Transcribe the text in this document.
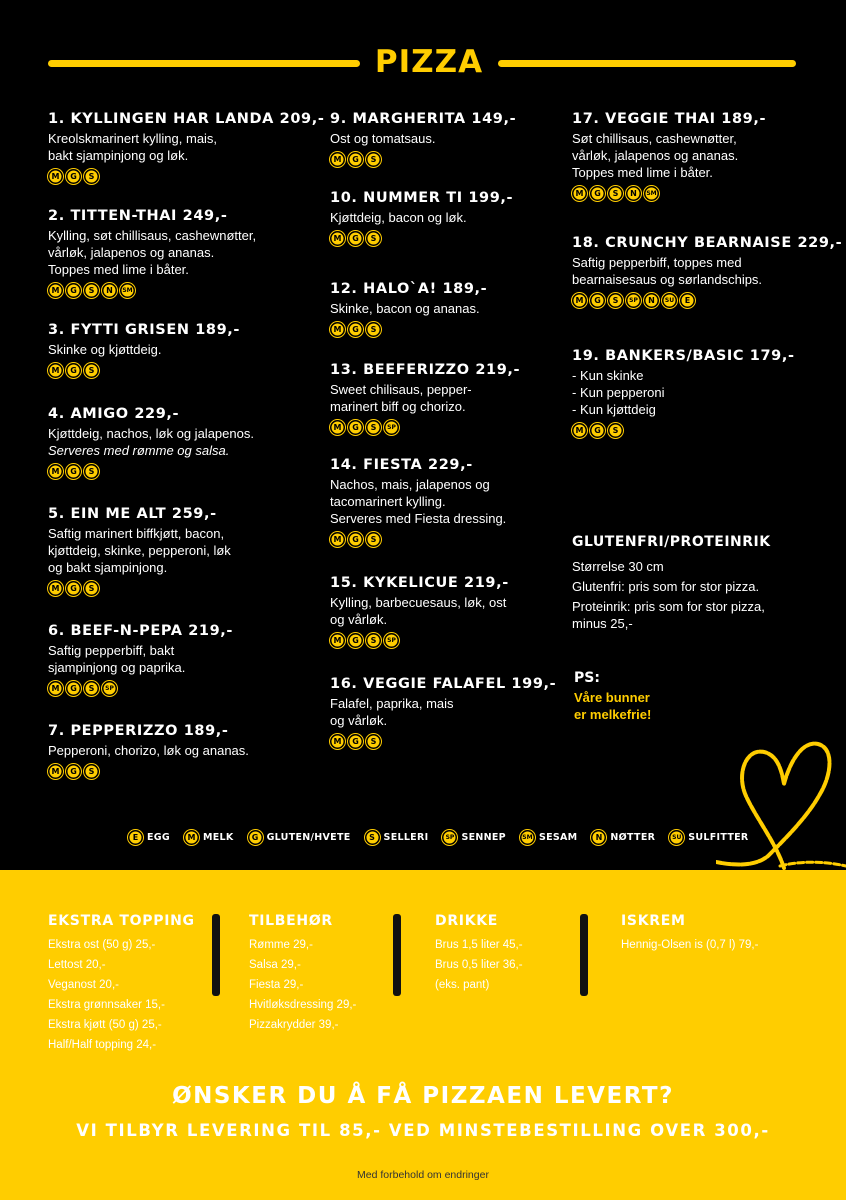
PIZZA
1. KYLLINGEN HAR LANDA 209,-
Kreolskmarinert kylling, mais,
bakt sjampinjong og løk.
M	G	S
2. TITTEN-THAI 249,-
Kylling, søt chillisaus, cashewnøtter,
vårløk, jalapenos og ananas.
Toppes med lime i båter.
M	G	S	N	SM
3. FYTTI GRISEN 189,-
Skinke og kjøttdeig.
M	G	S
4. AMIGO 229,-
Kjøttdeig, nachos, løk og jalapenos.
Serveres med rømme og salsa.
M	G	S
5. EIN ME ALT 259,-
Saftig marinert biffkjøtt, bacon,
kjøttdeig, skinke, pepperoni, løk
og bakt sjampinjong.
M	G	S
6. BEEF-N-PEPA 219,-
Saftig pepperbiff, bakt
sjampinjong og paprika.
M	G	S	SP
7. PEPPERIZZO 189,-
Pepperoni, chorizo, løk og ananas.
M	G	S
9. MARGHERITA 149,-
Ost og tomatsaus.
M	G	S
10. NUMMER TI 199,-
Kjøttdeig, bacon og løk.
M	G	S
12. HALO`A! 189,-
Skinke, bacon og ananas.
M	G	S
13. BEEFERIZZO 219,-
Sweet chilisaus, pepper-
marinert biff og chorizo.
M	G	S	SP
14. FIESTA 229,-
Nachos, mais, jalapenos og
tacomarinert kylling.
Serveres med Fiesta dressing.
M	G	S
15. KYKELICUE 219,-
Kylling, barbecuesaus, løk, ost
og vårløk.
M	G	S	SP
16. VEGGIE FALAFEL 199,-
Falafel, paprika, mais
og vårløk.
M	G	S
17. VEGGIE THAI 189,-
Søt chillisaus, cashewnøtter,
vårløk, jalapenos og ananas.
Toppes med lime i båter.
M	G	S	N	SM
18. CRUNCHY BEARNAISE 229,-
Saftig pepperbiff, toppes med
bearnaisesaus og sørlandschips.
M	G	S	SP	N	SU	E
19. BANKERS/BASIC 179,-
- Kun skinke
- Kun pepperoni
- Kun kjøttdeig
M	G	S
GLUTENFRI/PROTEINRIK
Størrelse 30 cm
Glutenfri: pris som for stor pizza.
Proteinrik: pris som for stor pizza,
minus 25,-
PS:
Våre bunner
er melkefrie!
E EGG	M MELK	G GLUTEN/HVETE	S SELLERI	SP SENNEP	SM SESAM	N NØTTER	SU SULFITTER
EKSTRA TOPPING
Ekstra ost (50 g) 25,-
Lettost 20,-
Veganost 20,-
Ekstra grønnsaker 15,-
Ekstra kjøtt (50 g) 25,-
Half/Half topping 24,-
TILBEHØR
Rømme 29,-
Salsa 29,-
Fiesta 29,-
Hvitløksdressing 29,-
Pizzakrydder 39,-
DRIKKE
Brus 1,5 liter 45,-
Brus 0,5 liter 36,-
(eks. pant)
ISKREM
Hennig-Olsen is (0,7 l) 79,-
ØNSKER DU Å FÅ PIZZAEN LEVERT?
VI TILBYR LEVERING TIL 85,- VED MINSTEBESTILLING OVER 300,-
Med forbehold om endringer
